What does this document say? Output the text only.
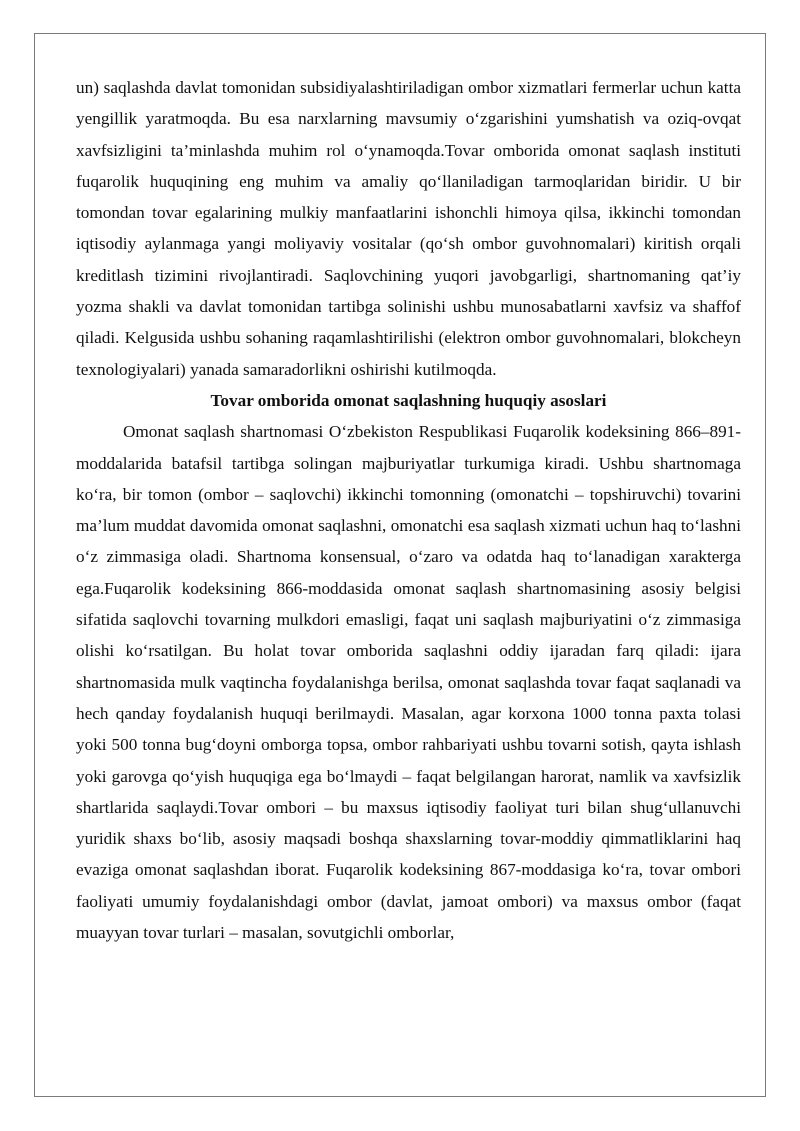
un) saqlashda davlat tomonidan subsidiyalashtiriladigan ombor xizmatlari fermerlar uchun katta yengillik yaratmoqda. Bu esa narxlarning mavsumiy o‘zgarishini yumshatish va oziq-ovqat xavfsizligini ta’minlashda muhim rol o‘ynamoqda.Tovar omborida omonat saqlash instituti fuqarolik huquqining eng muhim va amaliy qo‘llaniladigan tarmoqlaridan biridir. U bir tomondan tovar egalarining mulkiy manfaatlarini ishonchli himoya qilsa, ikkinchi tomondan iqtisodiy aylanmaga yangi moliyaviy vositalar (qo‘sh ombor guvohnomalari) kiritish orqali kreditlash tizimini rivojlantiradi. Saqlovchining yuqori javobgarligi, shartnomaning qat’iy yozma shakli va davlat tomonidan tartibga solinishi ushbu munosabatlarni xavfsiz va shaffof qiladi. Kelgusida ushbu sohaning raqamlashtirilishi (elektron ombor guvohnomalari, blokcheyn texnologiyalari) yanada samaradorlikni oshirishi kutilmoqda.

Tovar omborida omonat saqlashning huquqiy asoslari

Omonat saqlash shartnomasi O‘zbekiston Respublikasi Fuqarolik kodeksining 866–891-moddalarida batafsil tartibga solingan majburiyatlar turkumiga kiradi. Ushbu shartnomaga ko‘ra, bir tomon (ombor – saqlovchi) ikkinchi tomonning (omonatchi – topshiruvchi) tovarini ma’lum muddat davomida omonat saqlashni, omonatchi esa saqlash xizmati uchun haq to‘lashni o‘z zimmasiga oladi. Shartnoma konsensual, o‘zaro va odatda haq to‘lanadigan xarakterga ega.Fuqarolik kodeksining 866-moddasida omonat saqlash shartnomasining asosiy belgisi sifatida saqlovchi tovarning mulkdori emasligi, faqat uni saqlash majburiyatini o‘z zimmasiga olishi ko‘rsatilgan. Bu holat tovar omborida saqlashni oddiy ijaradan farq qiladi: ijara shartnomasida mulk vaqtincha foydalanishga berilsa, omonat saqlashda tovar faqat saqlanadi va hech qanday foydalanish huquqi berilmaydi. Masalan, agar korxona 1000 tonna paxta tolasi yoki 500 tonna bug‘doyni omborga topsa, ombor rahbariyati ushbu tovarni sotish, qayta ishlash yoki garovga qo‘yish huquqiga ega bo‘lmaydi – faqat belgilangan harorat, namlik va xavfsizlik shartlarida saqlaydi.Tovar ombori – bu maxsus iqtisodiy faoliyat turi bilan shug‘ullanuvchi yuridik shaxs bo‘lib, asosiy maqsadi boshqa shaxslarning tovar-moddiy qimmatliklarini haq evaziga omonat saqlashdan iborat. Fuqarolik kodeksining 867-moddasiga ko‘ra, tovar ombori faoliyati umumiy foydalanishdagi ombor (davlat, jamoat ombori) va maxsus ombor (faqat muayyan tovar turlari – masalan, sovutgichli omborlar,
